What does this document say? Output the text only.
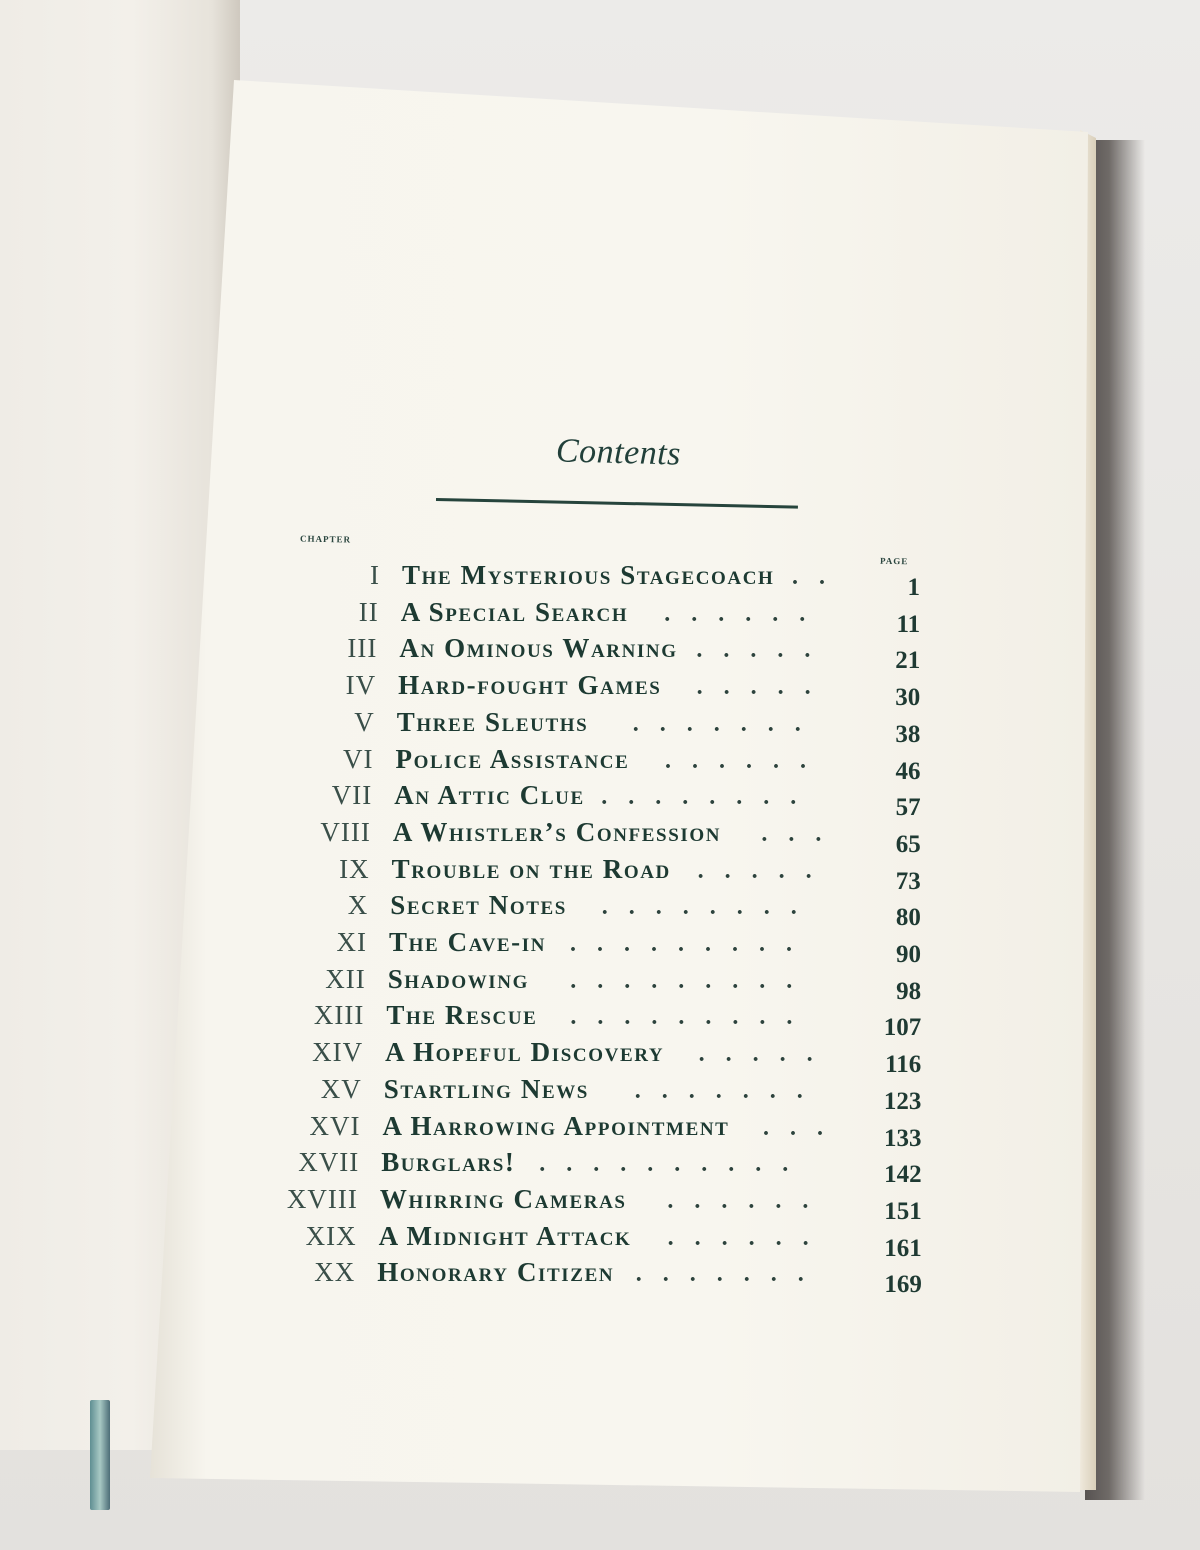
Contents
CHAPTER
PAGE
I The Mysterious Stagecoach ..	1
II A Special Search ......	11
III An Ominous Warning .....	21
IV Hard-fought Games .....	30
V Three Sleuths .......	38
VI Police Assistance ......	46
VII An Attic Clue ........	57
VIII A Whistler’s Confession ...	65
IX Trouble on the Road .....	73
X Secret Notes ........	80
XI The Cave-in .........	90
XII Shadowing .........	98
XIII The Rescue .........	107
XIV A Hopeful Discovery .....	116
XV Startling News .......	123
XVI A Harrowing Appointment ...	133
XVII Burglars! ..........	142
XVIII Whirring Cameras ......	151
XIX A Midnight Attack ......	161
XX Honorary Citizen .......	169
